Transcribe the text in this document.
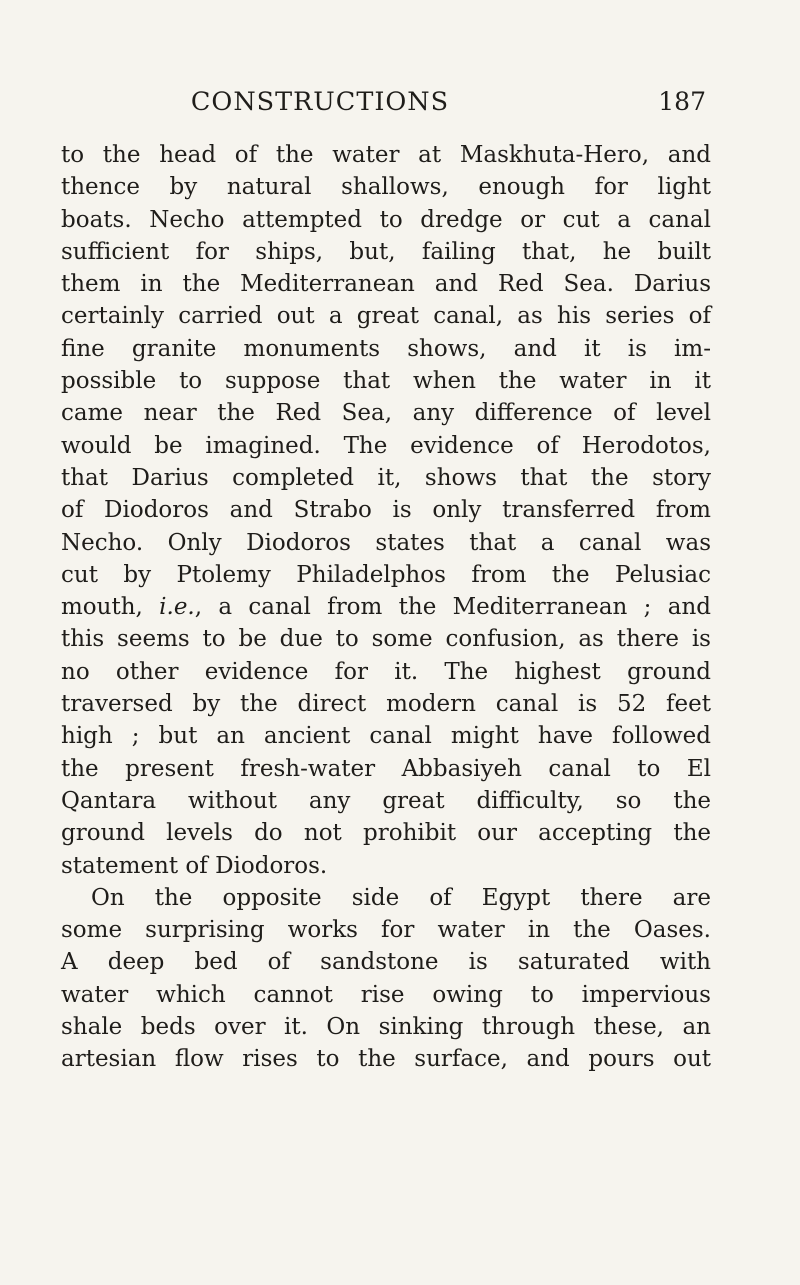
CONSTRUCTIONS	187
to the head of the water at Maskhuta-Hero, and
thence by natural shallows, enough for light
boats. Necho attempted to dredge or cut a canal
sufficient for ships, but, failing that, he built
them in the Mediterranean and Red Sea. Darius
certainly carried out a great canal, as his series of
fine granite monuments shows, and it is im-
possible to suppose that when the water in it
came near the Red Sea, any difference of level
would be imagined. The evidence of Herodotos,
that Darius completed it, shows that the story
of Diodoros and Strabo is only transferred from
Necho. Only Diodoros states that a canal was
cut by Ptolemy Philadelphos from the Pelusiac
mouth, i.e., a canal from the Mediterranean ; and
this seems to be due to some confusion, as there is
no other evidence for it. The highest ground
traversed by the direct modern canal is 52 feet
high ; but an ancient canal might have followed
the present fresh-water Abbasiyeh canal to El
Qantara without any great difficulty, so the
ground levels do not prohibit our accepting the
statement of Diodoros.
On the opposite side of Egypt there are
some surprising works for water in the Oases.
A deep bed of sandstone is saturated with
water which cannot rise owing to impervious
shale beds over it. On sinking through these, an
artesian flow rises to the surface, and pours out
